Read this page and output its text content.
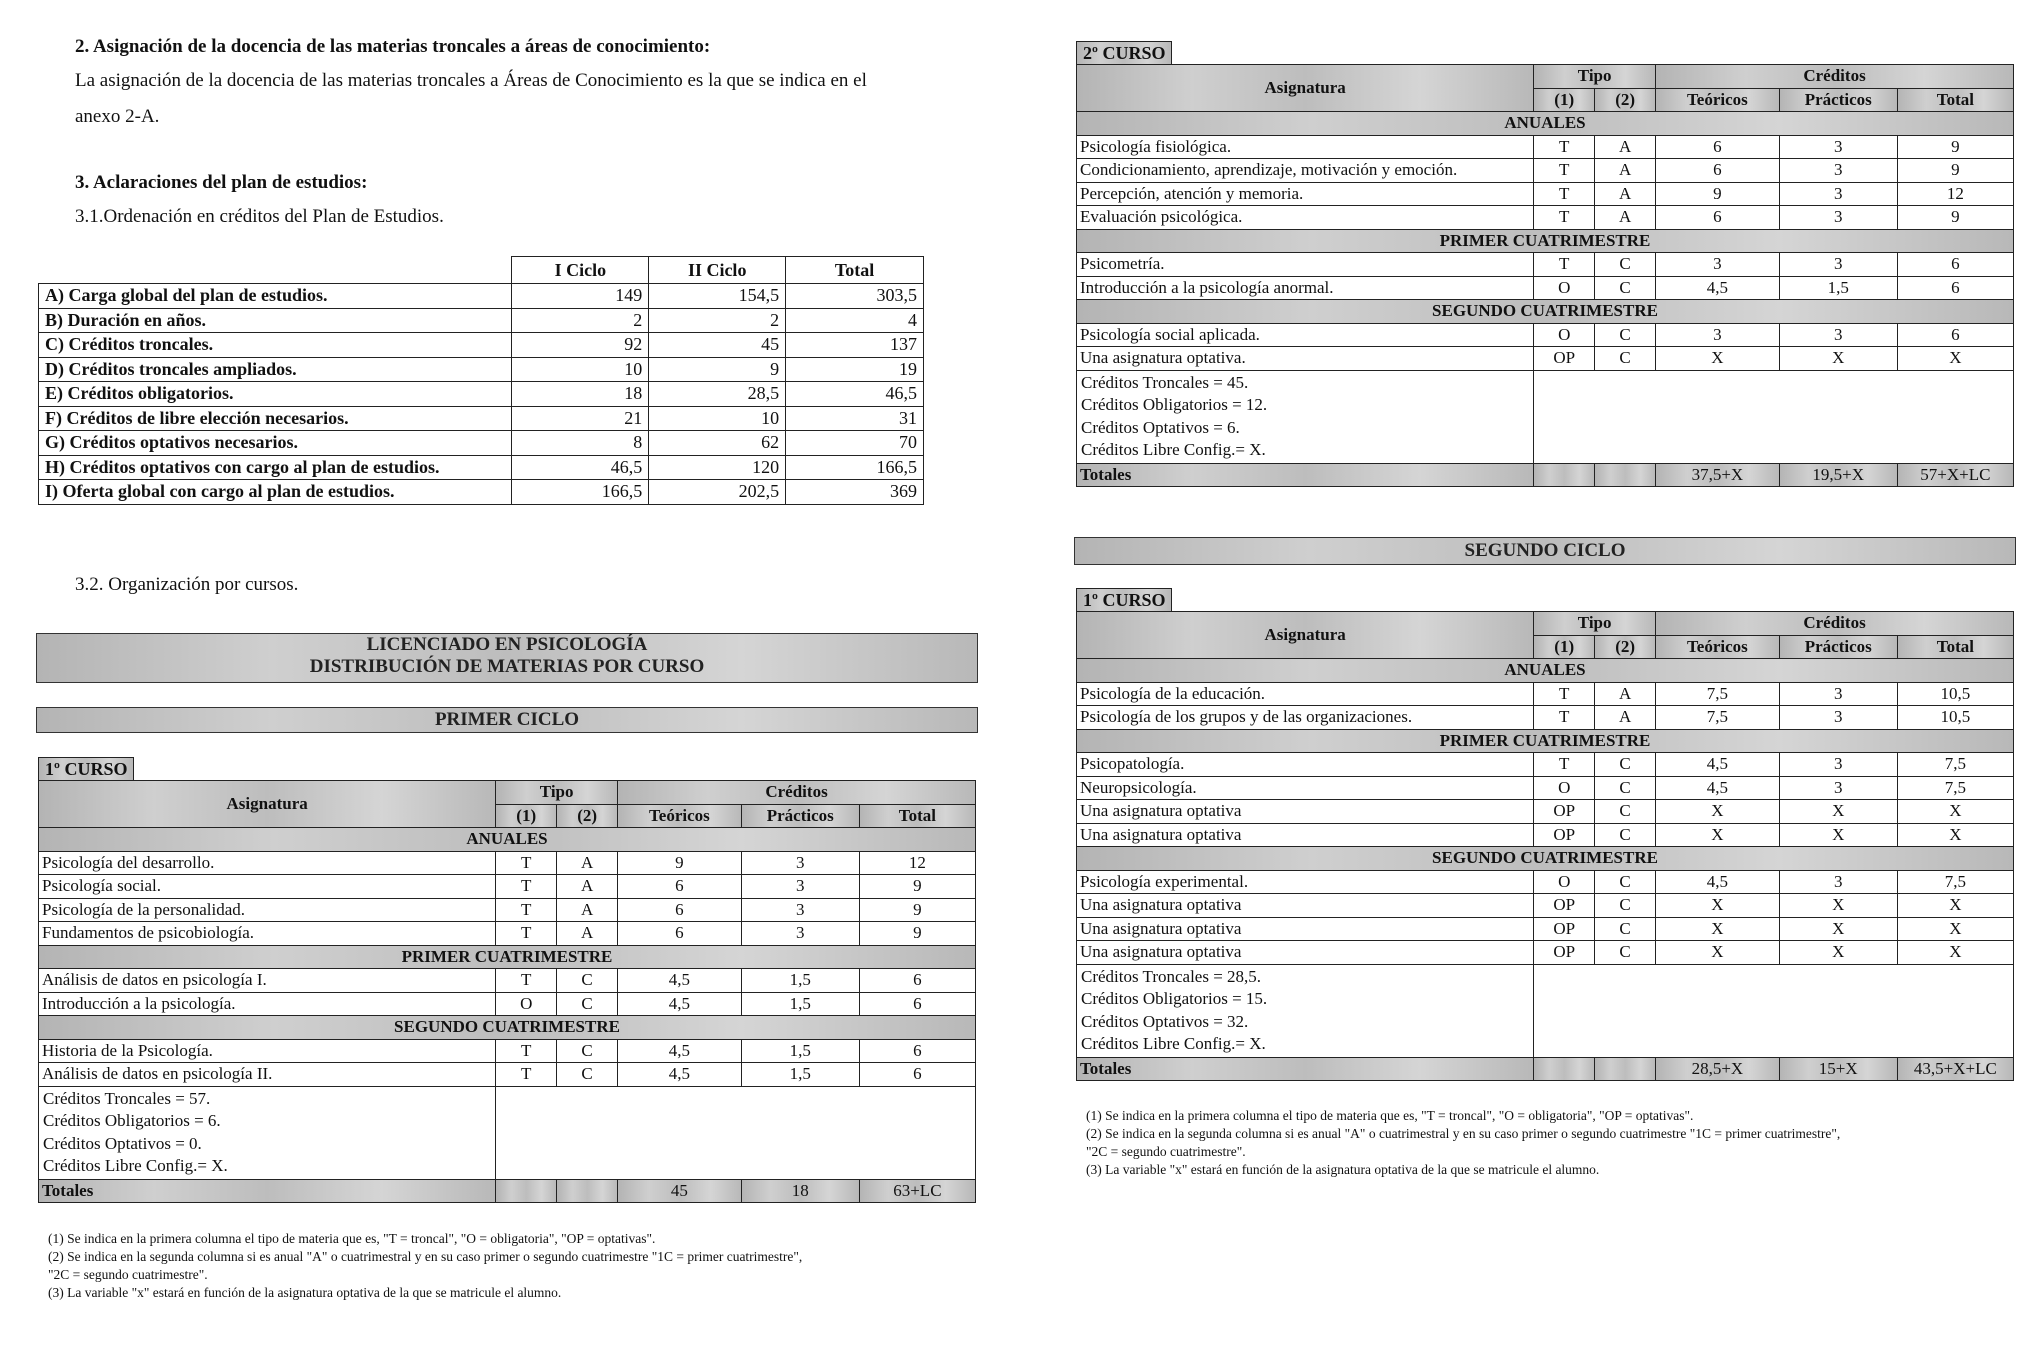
2. Asignación de la docencia de las materias troncales a áreas de conocimiento:
La asignación de la docencia de las materias troncales a Áreas de Conocimiento es la que se indica en el
anexo 2-A.
3. Aclaraciones del plan de estudios:
3.1.Ordenación en créditos del Plan de Estudios.
	I Ciclo	II Ciclo	Total
A) Carga global del plan de estudios.	149	154,5	303,5
B) Duración en años.	2	2	4
C) Créditos troncales.	92	45	137
D) Créditos troncales ampliados.	10	9	19
E) Créditos obligatorios.	18	28,5	46,5
F) Créditos de libre elección necesarios.	21	10	31
G) Créditos optativos necesarios.	8	62	70
H) Créditos optativos con cargo al plan de estudios.	46,5	120	166,5
I) Oferta global con cargo al plan de estudios.	166,5	202,5	369
3.2. Organización por cursos.
LICENCIADO EN PSICOLOGÍA
DISTRIBUCIÓN DE MATERIAS POR CURSO
PRIMER CICLO
1º CURSO
Asignatura	Tipo		Créditos		
	(1)	(2)	Teóricos	Prácticos	Total
ANUALES					
Psicología del desarrollo.	T	A	9	3	12
Psicología social.	T	A	6	3	9
Psicología de la personalidad.	T	A	6	3	9
Fundamentos de psicobiología.	T	A	6	3	9
PRIMER CUATRIMESTRE					
Análisis de datos en psicología I.	T	C	4,5	1,5	6
Introducción a la psicología.	O	C	4,5	1,5	6
SEGUNDO CUATRIMESTRE					
Historia de la Psicología.	T	C	4,5	1,5	6
Análisis de datos en psicología II.	T	C	4,5	1,5	6

Créditos Troncales = 57.
Créditos Obligatorios = 6.
Créditos Optativos = 0.
Créditos Libre Config.= X.					

Totales			45	18	63+LC
(1) Se indica en la primera columna el tipo de materia que es, "T = troncal", "O = obligatoria", "OP = optativas".
(2) Se indica en la segunda columna si es anual "A" o cuatrimestral y en su caso primer o segundo cuatrimestre "1C = primer cuatrimestre",
"2C = segundo cuatrimestre".
(3) La variable "x" estará en función de la asignatura optativa de la que se matricule el alumno.
2º CURSO
Asignatura	Tipo		Créditos		
	(1)	(2)	Teóricos	Prácticos	Total
ANUALES					
Psicología fisiológica.	T	A	6	3	9
Condicionamiento, aprendizaje, motivación y emoción.	T	A	6	3	9
Percepción, atención y memoria.	T	A	9	3	12
Evaluación psicológica.	T	A	6	3	9
PRIMER CUATRIMESTRE					
Psicometría.	T	C	3	3	6
Introducción a la psicología anormal.	O	C	4,5	1,5	6
SEGUNDO CUATRIMESTRE					
Psicología social aplicada.	O	C	3	3	6
Una asignatura optativa.	OP	C	X	X	X

Créditos Troncales = 45.
Créditos Obligatorios = 12.
Créditos Optativos = 6.
Créditos Libre Config.= X.					

Totales			37,5+X	19,5+X	57+X+LC
SEGUNDO CICLO
1º CURSO
Asignatura	Tipo		Créditos		
	(1)	(2)	Teóricos	Prácticos	Total
ANUALES					
Psicología de la educación.	T	A	7,5	3	10,5
Psicología de los grupos y de las organizaciones.	T	A	7,5	3	10,5
PRIMER CUATRIMESTRE					
Psicopatología.	T	C	4,5	3	7,5
Neuropsicología.	O	C	4,5	3	7,5
Una asignatura optativa	OP	C	X	X	X
Una asignatura optativa	OP	C	X	X	X
SEGUNDO CUATRIMESTRE					
Psicología experimental.	O	C	4,5	3	7,5
Una asignatura optativa	OP	C	X	X	X
Una asignatura optativa	OP	C	X	X	X
Una asignatura optativa	OP	C	X	X	X

Créditos Troncales = 28,5.
Créditos Obligatorios = 15.
Créditos Optativos = 32.
Créditos Libre Config.= X.					

Totales			28,5+X	15+X	43,5+X+LC
(1) Se indica en la primera columna el tipo de materia que es, "T = troncal", "O = obligatoria", "OP = optativas".
(2) Se indica en la segunda columna si es anual "A" o cuatrimestral y en su caso primer o segundo cuatrimestre "1C = primer cuatrimestre",
"2C = segundo cuatrimestre".
(3) La variable "x" estará en función de la asignatura optativa de la que se matricule el alumno.
